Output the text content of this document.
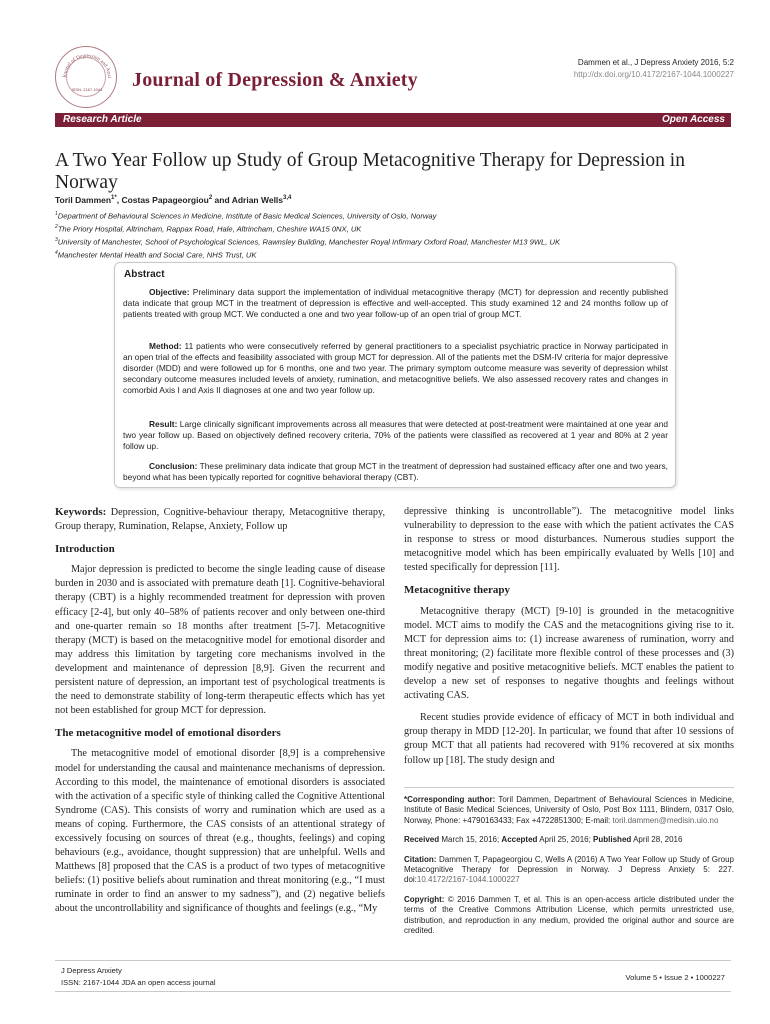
Journal of Depression and Anxi
ISSN: 2167-1044 Journal of Depression & Anxiety
Dammen et al., J Depress Anxiety 2016, 5:2
http://dx.doi.org/10.4172/2167-1044.1000227
Research Article	Open Access
A Two Year Follow up Study of Group Metacognitive Therapy for Depression in Norway
Toril Dammen$^{1*}$, Costas Papageorgiou$^2$ and Adrian Wells$^{3,4}$
$^1$Department of Behavioural Sciences in Medicine, Institute of Basic Medical Sciences, University of Oslo, Norway
$^2$The Priory Hospital, Altrincham, Rappax Road, Hale, Altrincham, Cheshire WA15 0NX, UK
$^3$University of Manchester, School of Psychological Sciences, Rawnsley Building, Manchester Royal Infirmary Oxford Road, Manchester M13 9WL, UK
$^4$Manchester Mental Health and Social Care, NHS Trust, UK
Abstract

Objective: Preliminary data support the implementation of individual metacognitive therapy (MCT) for depression and recently published data indicate that group MCT in the treatment of depression is effective and well-accepted. This study examined 12 and 24 months follow up of patients treated with group MCT. We conducted a one and two year follow-up of an open trial of group MCT.

Method: 11 patients who were consecutively referred by general practitioners to a specialist psychiatric practice in Norway participated in an open trial of the effects and feasibility associated with group MCT for depression. All of the patients met the DSM-IV criteria for major depressive disorder (MDD) and were followed up for 6 months, one and two year. The primary symptom outcome measure was severity of depression whilst secondary outcome measures included levels of anxiety, rumination, and metacognitive beliefs. We also assessed recovery rates and changes in comorbid Axis I and Axis II diagnoses at one and two year follow up.

Result: Large clinically significant improvements across all measures that were detected at post-treatment were maintained at one year and two year follow up. Based on objectively defined recovery criteria, 70% of the patients were classified as recovered at 1 year and 80% at 2 year follow up.

Conclusion: These preliminary data indicate that group MCT in the treatment of depression had sustained efficacy after one and two years, beyond what has been typically reported for cognitive behavioral therapy (CBT).

Keywords: Depression, Cognitive-behaviour therapy, Metacognitive therapy, Group therapy, Rumination, Relapse, Anxiety, Follow up

Introduction

Major depression is predicted to become the single leading cause of disease burden in 2030 and is associated with premature death [1]. Cognitive-behavioral therapy (CBT) is a highly recommended treatment for depression with proven efficacy [2-4], but only 40–58% of patients recover and only between one-third and one-quarter remain so 18 months after treatment [5-7]. Metacognitive therapy (MCT) is based on the metacognitive model for emotional disorder and may address this limitation by targeting core mechanisms involved in the development and maintenance of depression [8,9]. Given the recurrent and persistent nature of depression, an important test of psychological treatments is the need to demonstrate stability of long-term therapeutic effects which has yet not been established for group MCT for depression.

The metacognitive model of emotional disorders

The metacognitive model of emotional disorder [8,9] is a comprehensive model for understanding the causal and maintenance mechanisms of depression. According to this model, the maintenance of emotional disorders is associated with the activation of a specific style of thinking called the Cognitive Attentional Syndrome (CAS). This consists of worry and rumination which are used as a means of coping. Furthermore, the CAS consists of an attentional strategy of excessively focusing on sources of threat (e.g., thoughts, feelings) and coping behaviours (e.g., avoidance, thought suppression) that are unhelpful. Wells and Matthews [8] proposed that the CAS is a product of two types of metacognitive beliefs: (1) positive beliefs about rumination and threat monitoring (e.g., “I must ruminate in order to find an answer to my sadness”), and (2) negative beliefs about the uncontrollability and significance of thoughts and feelings (e.g., “My

depressive thinking is uncontrollable”). The metacognitive model links vulnerability to depression to the ease with which the patient activates the CAS in response to stress or mood disturbances. Numerous studies support the metacognitive model which has been empirically evaluated by Wells [10] and tested specifically for depression [11].

Metacognitive therapy

Metacognitive therapy (MCT) [9-10] is grounded in the metacognitive model. MCT aims to modify the CAS and the metacognitions giving rise to it. MCT for depression aims to: (1) increase awareness of rumination, worry and threat monitoring; (2) facilitate more flexible control of these processes and (3) modify negative and positive metacognitive beliefs. MCT enables the patient to develop a new set of responses to negative thoughts and feelings without activating CAS.

Recent studies provide evidence of efficacy of MCT in both individual and group therapy in MDD [12-20]. In particular, we found that after 10 sessions of group MCT that all patients had recovered with 91% recovered at six months follow up [18]. The study design and

*Corresponding author: Toril Dammen, Department of Behavioural Sciences in Medicine, Institute of Basic Medical Sciences, University of Oslo, Post Box 1111, Blindern, 0317 Oslo, Norway, Phone: +4790163433; Fax +4722851300; E-mail: toril.dammen@medisin.uio.no

Received March 15, 2016; Accepted April 25, 2016; Published April 28, 2016

Citation: Dammen T, Papageorgiou C, Wells A (2016) A Two Year Follow up Study of Group Metacognitive Therapy for Depression in Norway. J Depress Anxiety 5: 227. doi:10.4172/2167-1044.1000227

Copyright: © 2016 Dammen T, et al. This is an open-access article distributed under the terms of the Creative Commons Attribution License, which permits unrestricted use, distribution, and reproduction in any medium, provided the original author and source are credited.

J Depress Anxiety
ISSN: 2167-1044 JDA an open access journal
Volume 5 • Issue 2 • 1000227
